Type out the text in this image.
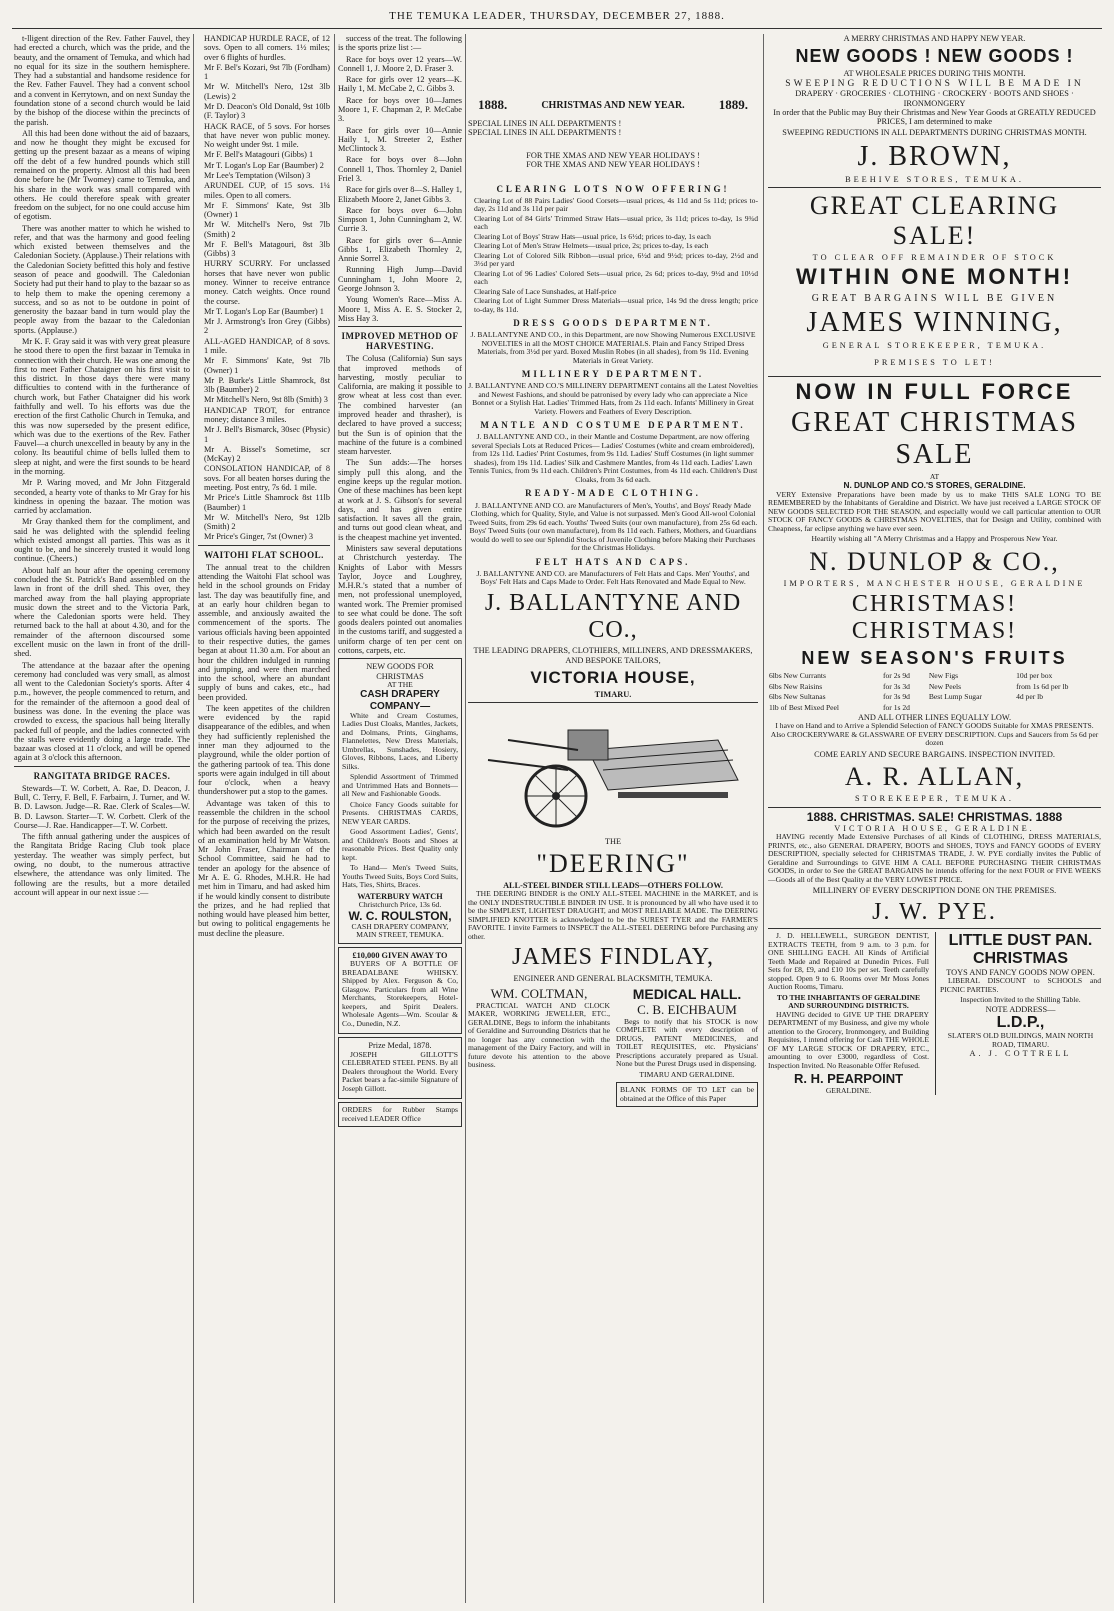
THE TEMUKA LEADER, THURSDAY, DECEMBER 27, 1888.

t-lligent direction of the Rev. Father Fauvel, they had erected a church, which was the pride, and the beauty, and the ornament of Temuka, and which had no equal for its size in the southern hemisphere. They had a substantial and handsome residence for the Rev. Father Fauvel. They had a convent school and a convent in Kerrytown, and on next Sunday the foundation stone of a second church would be laid by the bishop of the diocese within the precincts of the parish.

All this had been done without the aid of bazaars, and now he thought they might be excused for getting up the present bazaar as a means of wiping off the debt of a few hundred pounds which still remained on the property. Almost all this had been done before he (Mr Twomey) came to Temuka, and his share in the work was small compared with others. He could therefore speak with greater freedom on the subject, for no one could accuse him of egotism.

There was another matter to which he wished to refer, and that was the harmony and good feeling which existed between themselves and the Caledonian Society. (Applause.) Their relations with the Caledonian Society befitted this holy and festive season of peace and goodwill. The Caledonian Society had put their hand to play to the bazaar so as to help them to make the opening ceremony a success, and so as not to be outdone in point of generosity the bazaar band in turn would play the people away from the bazaar to the Caledonian sports. (Applause.)

Mr K. F. Gray said it was with very great pleasure he stood there to open the first bazaar in Temuka in connection with their church. He was one among the first to meet Father Chataigner on his first visit to this district. In those days there were many difficulties to contend with in the furtherance of church work, but Father Chataigner did his work faithfully and well. To his efforts was due the erection of the first Catholic Church in Temuka, and this was now superseded by the present edifice, which was due to the exertions of the Rev. Father Fauvel—a church unexcelled in beauty by any in the colony. Its beautiful chime of bells lulled them to sleep at night, and were the first sounds to be heard in the morning.

Mr P. Waring moved, and Mr John Fitzgerald seconded, a hearty vote of thanks to Mr Gray for his kindness in opening the bazaar. The motion was carried by acclamation.

Mr Gray thanked them for the compliment, and said he was delighted with the splendid feeling which existed amongst all parties. This was as it ought to be, and he sincerely trusted it would long continue. (Cheers.)

About half an hour after the opening ceremony concluded the St. Patrick's Band assembled on the lawn in front of the drill shed. This over, they marched away from the hall playing appropriate music down the street and to the Victoria Park, where the Caledonian sports were held. They returned back to the hall at about 4.30, and for the remainder of the afternoon discoursed some excellent music on the lawn in front of the drill-shed.

The attendance at the bazaar after the opening ceremony had concluded was very small, as almost all went to the Caledonian Society's sports. After 4 p.m., however, the people commenced to return, and for the remainder of the afternoon a good deal of business was done. In the evening the place was crowded to excess, the spacious hall being literally packed full of people, and the ladies connected with the stalls were evidently doing a large trade. The bazaar was closed at 11 o'clock, and will be opened again at 3 o'clock this afternoon.

RANGITATA BRIDGE RACES.

Stewards—T. W. Corbett, A. Rae, D. Deacon, J. Bull, C. Terry, F. Bell, F. Farbairn, J. Turner, and W. B. D. Lawson. Judge—R. Rae. Clerk of Scales—W. B. D. Lawson. Starter—T. W. Corbett. Clerk of the Course—J. Rae. Handicapper—T. W. Corbett.

The fifth annual gathering under the auspices of the Rangitata Bridge Racing Club took place yesterday. The weather was simply perfect, but owing, no doubt, to the numerous attractive elsewhere, the attendance was only limited. The following are the results, but a more detailed account will appear in our next issue :—

HANDICAP HURDLE RACE, of 12 sovs. Open to all comers. 1½ miles; over 6 flights of hurdles.
Mr F. Bel's Kozari, 9st 7lb (Fordham) 1
Mr W. Mitchell's Nero, 12st 3lb (Lewis) 2
Mr D. Deacon's Old Donald, 9st 10lb (F. Taylor) 3
HACK RACE, of 5 sovs. For horses that have never won public money. No weight under 9st. 1 mile.
Mr F. Bell's Matagouri (Gibbs) 1
Mr T. Logan's Lop Ear (Baumber) 2
Mr Lee's Temptation (Wilson) 3
ARUNDEL CUP, of 15 sovs. 1¼ miles. Open to all comers.
Mr F. Simmons' Kate, 9st 3lb (Owner) 1
Mr W. Mitchell's Nero, 9st 7lb (Smith) 2
Mr F. Bell's Matagouri, 8st 3lb (Gibbs) 3
HURRY SCURRY. For unclassed horses that have never won public money. Winner to receive entrance money. Catch weights. Once round the course.
Mr T. Logan's Lop Ear (Baumber) 1
Mr J. Armstrong's Iron Grey (Gibbs) 2
ALL-AGED HANDICAP, of 8 sovs. 1 mile.
Mr F. Simmons' Kate, 9st 7lb (Owner) 1
Mr P. Burke's Little Shamrock, 8st 3lb (Baumber) 2
Mr Mitchell's Nero, 9st 8lb (Smith) 3
HANDICAP TROT, for entrance money; distance 3 miles.
Mr J. Bell's Bismarck, 30sec (Physic) 1
Mr A. Bissel's Sometime, scr (McKay) 2
CONSOLATION HANDICAP, of 8 sovs. For all beaten horses during the meeting. Post entry, 7s 6d. 1 mile.
Mr Price's Little Shamrock 8st 11lb (Baumber) 1
Mr W. Mitchell's Nero, 9st 12lb (Smith) 2
Mr Price's Ginger, 7st (Owner) 3
WAITOHI FLAT SCHOOL.

The annual treat to the children attending the Waitohi Flat school was held in the school grounds on Friday last. The day was beautifully fine, and at an early hour children began to assemble, and anxiously awaited the commencement of the sports. The various officials having been appointed to their respective duties, the games began at about 11.30 a.m. For about an hour the children indulged in running and jumping, and were then marched into the school, where an abundant supply of buns and cakes, etc., had been provided.

The keen appetites of the children were evidenced by the rapid disappearance of the edibles, and when they had sufficiently replenished the inner man they adjourned to the playground, while the older portion of the gathering partook of tea. This done sports were again indulged in till about four o'clock, when a heavy thundershower put a stop to the games.

Advantage was taken of this to reassemble the children in the school for the purpose of receiving the prizes, which had been awarded on the result of an examination held by Mr Watson. Mr John Fraser, Chairman of the School Committee, said he had to tender an apology for the absence of Mr A. E. G. Rhodes, M.H.R. He had met him in Timaru, and had asked him if he would kindly consent to distribute the prizes, and he had replied that nothing would have pleased him better, but owing to political engagements he must decline the pleasure.

success of the treat. The following is the sports prize list :—

Race for boys over 12 years—W. Connell 1, J. Moore 2, D. Fraser 3.

Race for girls over 12 years—K. Haily 1, M. McCabe 2, C. Gibbs 3.

Race for boys over 10—James Moore 1, F. Chapman 2, P. McCabe 3.

Race for girls over 10—Annie Haily 1, M. Streeter 2, Esther McClintock 3.

Race for boys over 8—John Connell 1, Thos. Thornley 2, Daniel Friel 3.

Race for girls over 8—S. Halley 1, Elizabeth Moore 2, Janet Gibbs 3.

Race for boys over 6—John Simpson 1, John Cunningham 2, W. Currie 3.

Race for girls over 6—Annie Gibbs 1, Elizabeth Thornley 2, Annie Sorrel 3.

Running High Jump—David Cunningham 1, John Moore 2, George Johnson 3.

Young Women's Race—Miss A. Moore 1, Miss A. E. S. Stocker 2, Miss Hay 3.

IMPROVED METHOD OF HARVESTING.

The Colusa (California) Sun says that improved methods of harvesting, mostly peculiar to California, are making it possible to grow wheat at less cost than ever. The combined harvester (an improved header and thrasher), is declared to have proved a success; but the Sun is of opinion that the machine of the future is a combined steam harvester.

The Sun adds:—The horses simply pull this along, and the engine keeps up the regular motion. One of these machines has been kept at work at J. S. Gibson's for several days, and has given entire satisfaction. It saves all the grain, and turns out good clean wheat, and is the cheapest machine yet invented.

Ministers saw several deputations at Christchurch yesterday. The Knights of Labor with Messrs Taylor, Joyce and Loughrey, M.H.R.'s stated that a number of men, not professional unemployed, wanted work. The Premier promised to see what could be done. The soft goods dealers pointed out anomalies in the customs tariff, and suggested a uniform charge of ten per cent on cottons, carpets, etc.

NEW GOODS FOR CHRISTMAS
AT THE
CASH DRAPERY COMPANY—

White and Cream Costumes, Ladies Dust Cloaks, Mantles, Jackets, and Dolmans, Prints, Ginghams, Flannelettes, New Dress Materials, Umbrellas, Sunshades, Hosiery, Gloves, Ribbons, Laces, and Liberty Silks.

Splendid Assortment of Trimmed and Untrimmed Hats and Bonnets—all New and Fashionable Goods.

Choice Fancy Goods suitable for Presents. CHRISTMAS CARDS, NEW YEAR CARDS.

Good Assortment Ladies', Gents', and Children's Boots and Shoes at reasonable Prices. Best Quality only kept.

To Hand— Men's Tweed Suits, Youths Tweed Suits, Boys Cord Suits, Hats, Ties, Shirts, Braces.

WATERBURY WATCH
Christchurch Price, 13s 6d.
W. C. ROULSTON,
CASH DRAPERY COMPANY, MAIN STREET, TEMUKA.
£10,000 GIVEN AWAY TO

BUYERS OF A BOTTLE OF BREADALBANE WHISKY. Shipped by Alex. Ferguson & Co, Glasgow. Particulars from all Wine Merchants, Storekeepers, Hotel-keepers, and Spirit Dealers. Wholesale Agents—Wm. Scoular & Co., Dunedin, N.Z.

Prize Medal, 1878.

JOSEPH GILLOTT'S CELEBRATED STEEL PENS. By all Dealers throughout the World. Every Packet bears a fac-simile Signature of Joseph Gillott.

ORDERS for Rubber Stamps received LEADER Office
1888.	CHRISTMAS AND NEW YEAR.	1889.
SPECIAL LINES IN ALL DEPARTMENTS !
SPECIAL LINES IN ALL DEPARTMENTS !
FOR THE XMAS AND NEW YEAR HOLIDAYS !
FOR THE XMAS AND NEW YEAR HOLIDAYS !
CLEARING LOTS NOW OFFERING!
Clearing Lot of 88 Pairs Ladies' Good Corsets—usual prices, 4s 11d and 5s 11d; prices to-day, 2s 11d and 3s 11d per pair
Clearing Lot of 84 Girls' Trimmed Straw Hats—usual price, 3s 11d; prices to-day, 1s 9¾d each
Clearing Lot of Boys' Straw Hats—usual price, 1s 6½d; prices to-day, 1s each
Clearing Lot of Men's Straw Helmets—usual price, 2s; prices to-day, 1s each
Clearing Lot of Colored Silk Ribbon—usual price, 6½d and 9½d; prices to-day, 2½d and 3½d per yard
Clearing Lot of 96 Ladies' Colored Sets—usual price, 2s 6d; prices to-day, 9½d and 10½d each
Clearing Sale of Lace Sunshades, at Half-price
Clearing Lot of Light Summer Dress Materials—usual price, 14s 9d the dress length; price to-day, 8s 11d.
DRESS GOODS DEPARTMENT.

J. BALLANTYNE AND CO., in this Department, are now Showing Numerous EXCLUSIVE NOVELTIES in all the MOST CHOICE MATERIALS. Plain and Fancy Striped Dress Materials, from 3½d per yard. Boxed Muslin Robes (in all shades), from 9s 11d. Evening Materials in Great Variety.

MILLINERY DEPARTMENT.

J. BALLANTYNE AND CO.'S MILLINERY DEPARTMENT contains all the Latest Novelties and Newest Fashions, and should be patronised by every lady who can appreciate a Nice Bonnet or a Stylish Hat. Ladies' Trimmed Hats, from 2s 11d each. Infants' Millinery in Great Variety. Flowers and Feathers of Every Description.

MANTLE AND COSTUME DEPARTMENT.

J. BALLANTYNE AND CO., in their Mantle and Costume Department, are now offering several Specials Lots at Reduced Prices— Ladies' Costumes (white and cream embroidered), from 12s 11d. Ladies' Print Costumes, from 9s 11d. Ladies' Stuff Costumes (in light summer shades), from 19s 11d. Ladies' Silk and Cashmere Mantles, from 4s 11d each. Ladies' Lawn Tennis Tunics, from 9s 11d each. Children's Print Costumes, from 4s 11d each. Children's Dust Cloaks, from 3s 6d each.

READY-MADE CLOTHING.

J. BALLANTYNE AND CO. are Manufacturers of Men's, Youths', and Boys' Ready Made Clothing, which for Quality, Style, and Value is not surpassed. Men's Good All-wool Colonial Tweed Suits, from 29s 6d each. Youths' Tweed Suits (our own manufacture), from 25s 6d each. Boys' Tweed Suits (our own manufacture), from 8s 11d each. Fathers, Mothers, and Guardians would do well to see our Splendid Stocks of Juvenile Clothing before Making their Purchases for the Christmas Holidays.

FELT HATS AND CAPS.

J. BALLANTYNE AND CO. are Manufacturers of Felt Hats and Caps. Men' Youths', and Boys' Felt Hats and Caps Made to Order. Felt Hats Renovated and Made Equal to New.

J. BALLANTYNE AND CO.,
THE LEADING DRAPERS, CLOTHIERS, MILLINERS, AND DRESSMAKERS, AND BESPOKE TAILORS,
VICTORIA HOUSE,
TIMARU.
THE
"DEERING"
ALL-STEEL BINDER STILL LEADS—OTHERS FOLLOW.

THE DEERING BINDER is the ONLY ALL-STEEL MACHINE in the MARKET, and is the ONLY INDESTRUCTIBLE BINDER IN USE. It is pronounced by all who have used it to be the SIMPLEST, LIGHTEST DRAUGHT, and MOST RELIABLE MADE. The DEERING SIMPLIFIED KNOTTER is acknowledged to be the SUREST TYER and the FARMER'S FAVORITE. I invite Farmers to INSPECT the ALL-STEEL DEERING before Purchasing any other.

JAMES FINDLAY,
ENGINEER AND GENERAL BLACKSMITH, TEMUKA.
WM. COLTMAN,

PRACTICAL WATCH AND CLOCK MAKER, WORKING JEWELLER, ETC., GERALDINE, Begs to inform the inhabitants of Geraldine and Surrounding Districts that he no longer has any connection with the management of the Dairy Factory, and will in future devote his attention to the above business.

MEDICAL HALL.
C. B. EICHBAUM

Begs to notify that his STOCK is now COMPLETE with every description of DRUGS, PATENT MEDICINES, and TOILET REQUISITES, etc. Physicians' Prescriptions accurately prepared as Usual. None but the Purest Drugs used in dispensing.

TIMARU AND GERALDINE.
BLANK FORMS OF TO LET can be obtained at the Office of this Paper
A MERRY CHRISTMAS AND HAPPY NEW YEAR.
NEW GOODS ! NEW GOODS !
AT WHOLESALE PRICES DURING THIS MONTH.
SWEEPING REDUCTIONS WILL BE MADE IN
DRAPERY · GROCERIES · CLOTHING · CROCKERY · BOOTS AND SHOES · IRONMONGERY

In order that the Public may Buy their Christmas and New Year Goods at GREATLY REDUCED PRICES, I am determined to make

SWEEPING REDUCTIONS IN ALL DEPARTMENTS DURING CHRISTMAS MONTH.
J. BROWN,
BEEHIVE STORES, TEMUKA.
GREAT CLEARING SALE!
TO CLEAR OFF REMAINDER OF STOCK
WITHIN ONE MONTH!
GREAT BARGAINS WILL BE GIVEN
JAMES WINNING,
GENERAL STOREKEEPER, TEMUKA.
PREMISES TO LET!
NOW IN FULL FORCE
GREAT CHRISTMAS SALE
AT
N. DUNLOP AND CO.'S STORES, GERALDINE.

VERY Extensive Preparations have been made by us to make THIS SALE LONG TO BE REMEMBERED by the Inhabitants of Geraldine and District. We have just received a LARGE STOCK OF NEW GOODS SELECTED FOR THE SEASON, and especially would we call particular attention to OUR STOCK OF FANCY GOODS & CHRISTMAS NOVELTIES, that for Design and Utility, combined with Cheapness, far eclipse anything we have ever seen.

Heartily wishing all "A Merry Christmas and a Happy and Prosperous New Year.

N. DUNLOP & CO.,
IMPORTERS, MANCHESTER HOUSE, GERALDINE
CHRISTMAS! CHRISTMAS!
NEW SEASON'S FRUITS
6lbs New Currants	for 2s 9d	New Figs	10d per box
6lbs New Raisins	for 3s 3d	New Peels	from 1s 6d per lb
6lbs New Sultanas	for 3s 9d	Best Lump Sugar	4d per lb
1lb of Best Mixed Peel	for 1s 2d		
AND ALL OTHER LINES EQUALLY LOW.

I have on Hand and to Arrive a Splendid Selection of FANCY GOODS Suitable for XMAS PRESENTS. Also CROCKERYWARE & GLASSWARE OF EVERY DESCRIPTION. Cups and Saucers from 5s 6d per dozen

COME EARLY AND SECURE BARGAINS. INSPECTION INVITED.
A. R. ALLAN,
STOREKEEPER, TEMUKA.
1888. CHRISTMAS. SALE! CHRISTMAS. 1888
VICTORIA HOUSE, GERALDINE.

HAVING recently Made Extensive Purchases of all Kinds of CLOTHING, DRESS MATERIALS, PRINTS, etc., also GENERAL DRAPERY, BOOTS and SHOES, TOYS and FANCY GOODS of EVERY DESCRIPTION, specially selected for CHRISTMAS TRADE, J. W. PYE cordially invites the Public of Geraldine and Surroundings to GIVE HIM A CALL BEFORE PURCHASING THEIR CHRISTMAS GOODS, in order to See the GREAT BARGAINS he intends offering for the next FOUR or FIVE WEEKS—Goods all of the Best Quality at the VERY LOWEST PRICE.

MILLINERY OF EVERY DESCRIPTION DONE ON THE PREMISES.
J. W. PYE.

J. D. HELLEWELL, SURGEON DENTIST, EXTRACTS TEETH, from 9 a.m. to 3 p.m. for ONE SHILLING EACH. All Kinds of Artificial Teeth Made and Repaired at Dunedin Prices. Full Sets for £8, £9, and £10 10s per set. Teeth carefully stopped. Open 9 to 6. Rooms over Mr Moss Jones Auction Rooms, Timaru.

TO THE INHABITANTS OF GERALDINE AND SURROUNDING DISTRICTS.

HAVING decided to GIVE UP THE DRAPERY DEPARTMENT of my Business, and give my whole attention to the Grocery, Ironmongery, and Building Requisites, I intend offering for Cash THE WHOLE OF MY LARGE STOCK OF DRAPERY, ETC., amounting to over £3000, regardless of Cost. Inspection Invited. No Reasonable Offer Refused.

R. H. PEARPOINT
GERALDINE.
LITTLE DUST PAN.
CHRISTMAS
TOYS AND FANCY GOODS NOW OPEN.

LIBERAL DISCOUNT to SCHOOLS and PICNIC PARTIES.

Inspection Invited to the Shilling Table.
NOTE ADDRESS—
L.D.P.,
SLATER'S OLD BUILDINGS, MAIN NORTH ROAD, TIMARU.
A. J. COTTRELL
